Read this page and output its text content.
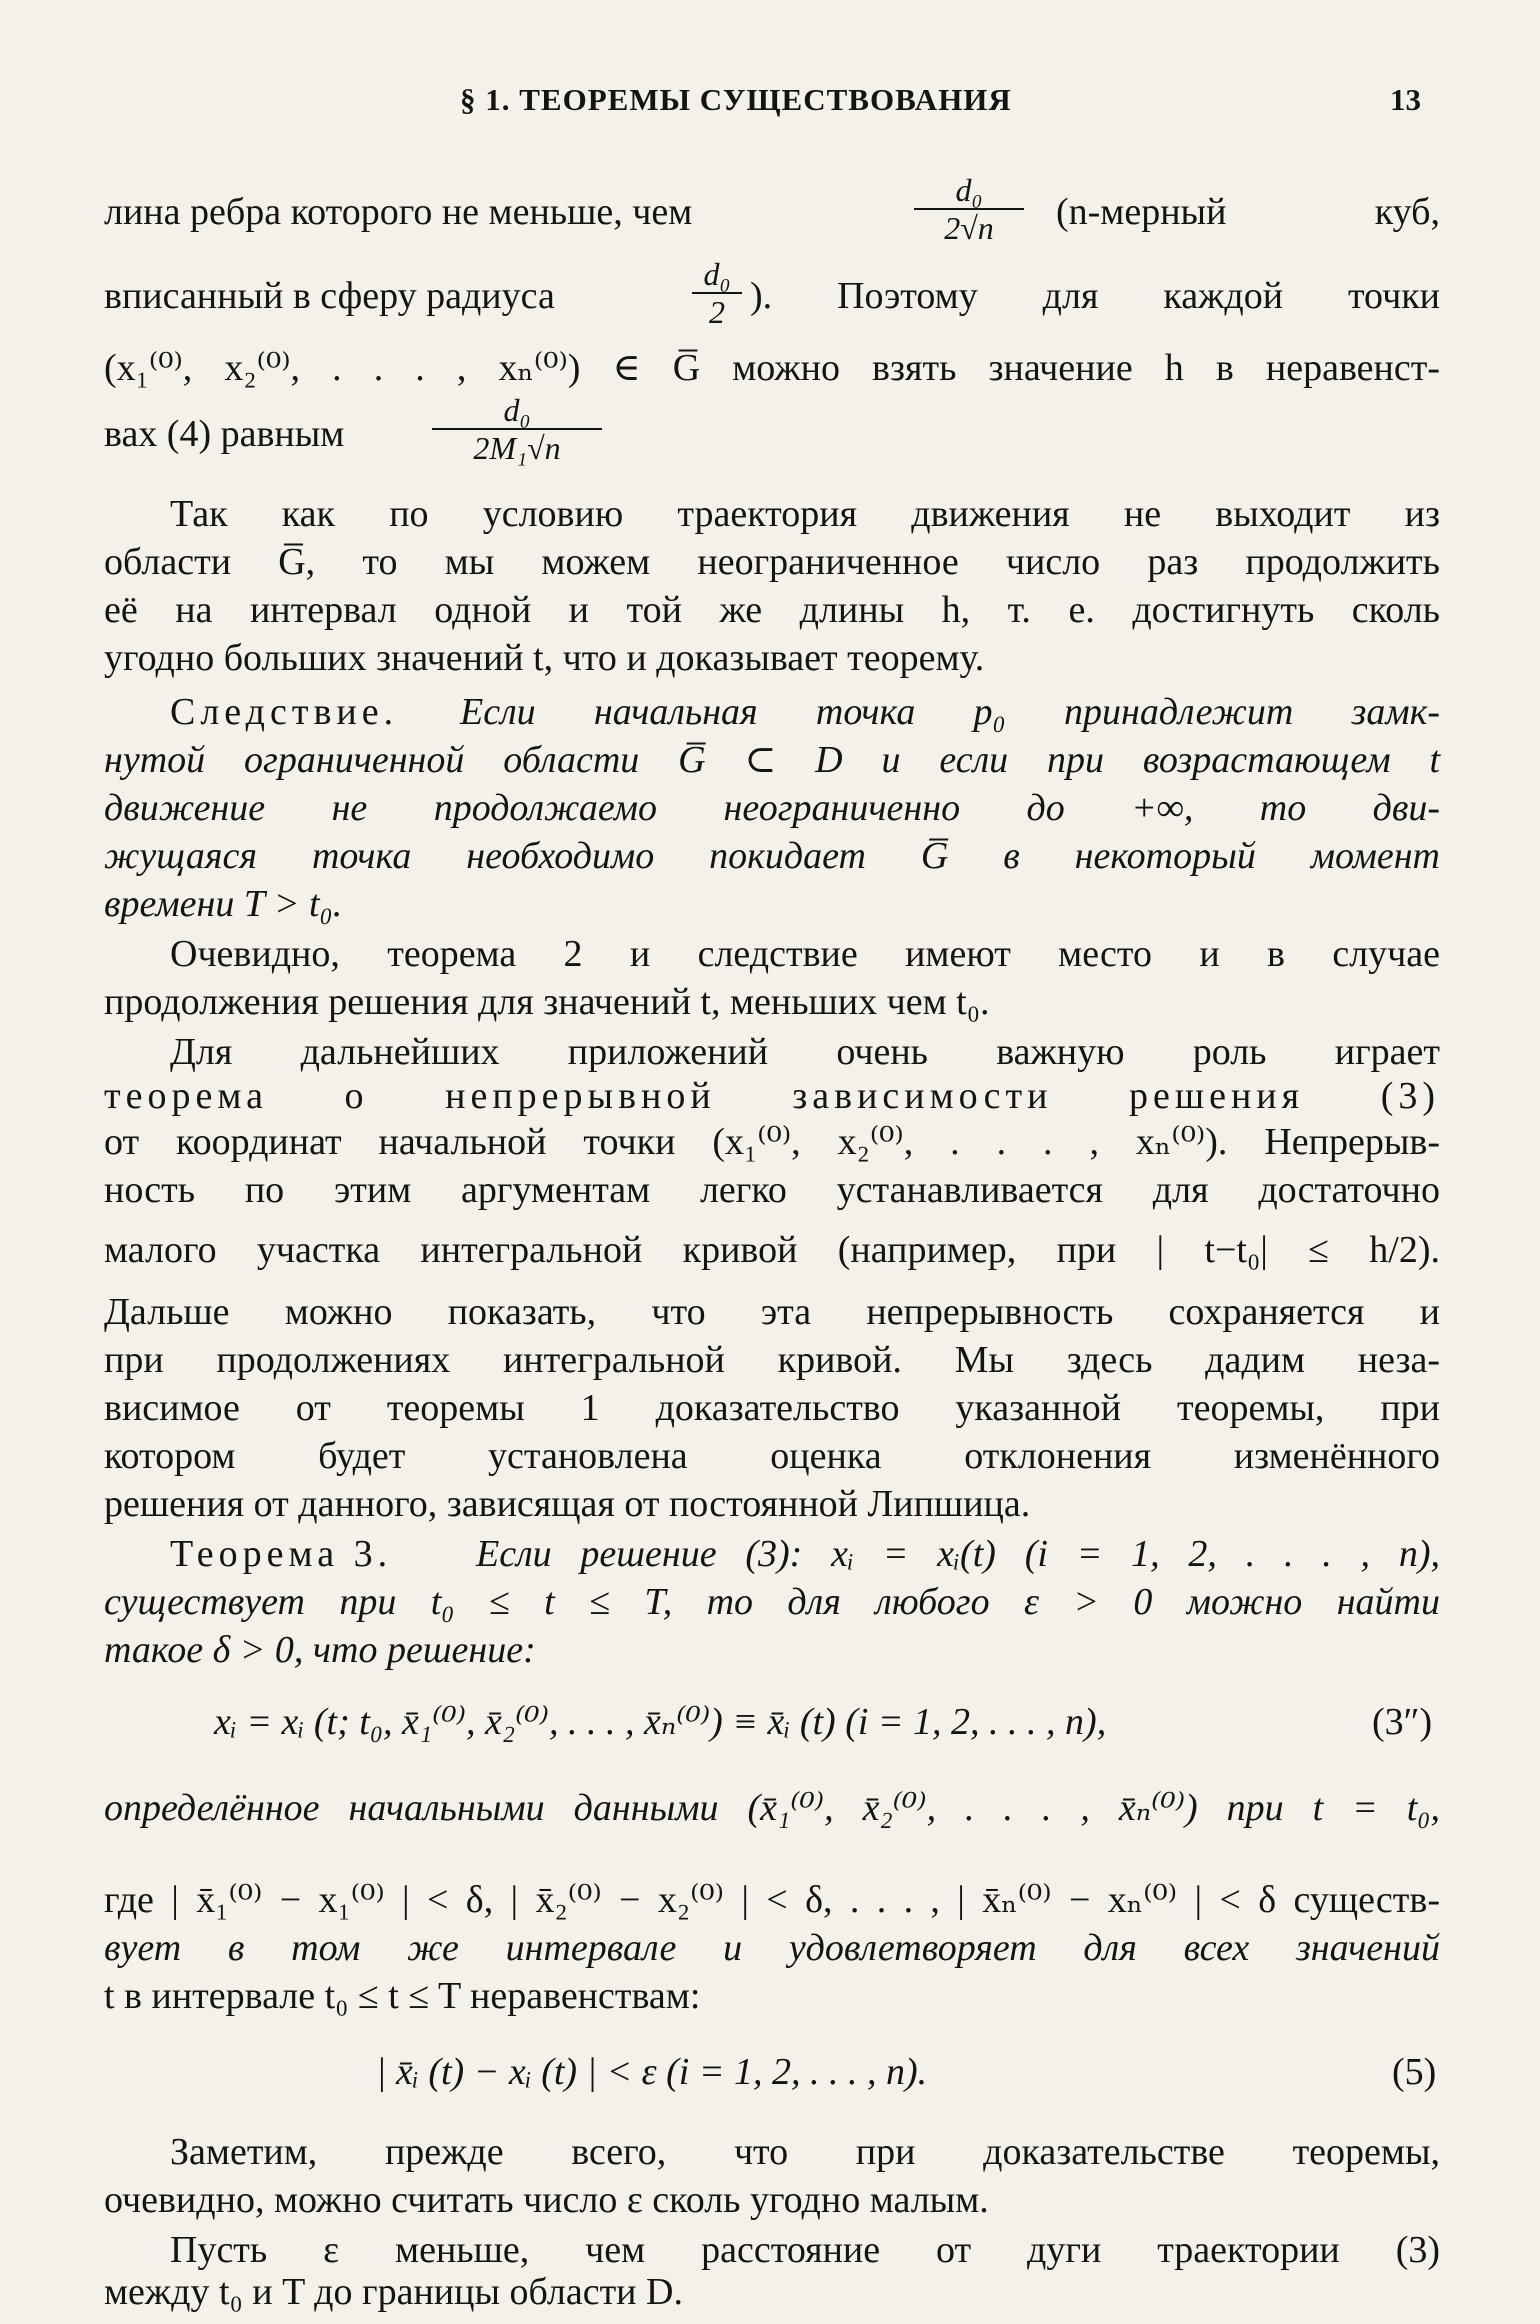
§ 1. ТЕОРЕМЫ СУЩЕСТВОВАНИЯ	13
лина ребра которого не меньше, чем	$\frac{\text{d₀}}{2√n}$ (n-мерный куб,
вписанный в сферу радиуса	$\frac{\text{d₀}}{2}$ ). Поэтому для каждой точки
(x₁⁽⁰⁾, x₂⁽⁰⁾, . . . , xₙ⁽⁰⁾) ∈ G̅ можно взять значение h в неравенст-
вах (4) равным	$\frac{\text{d₀}}{\text{2M₁√n}}$
Так как по условию траектория движения не выходит из
области G̅, то мы можем неограниченное число раз продолжить
её на интервал одной и той же длины h, т. е. достигнуть сколь
угодно больших значений t, что и доказывает теорему.
Следствие.	Если начальная точка p₀ принадлежит замк-
нутой ограниченной области G̅ ⊂ D и если при возрастающем t
движение не продолжаемо неограниченно до +∞, то дви-
жущаяся точка необходимо покидает G̅ в некоторый момент
времени T > t₀.
Очевидно, теорема 2 и следствие имеют место и в случае
продолжения решения для значений t, меньших чем t₀.
Для дальнейших приложений очень важную роль играет
теорема о непрерывной зависимости решения (3)
от координат начальной точки (x₁⁽⁰⁾, x₂⁽⁰⁾, . . . , xₙ⁽⁰⁾). Непрерыв-
ность по этим аргументам легко устанавливается для достаточно
малого участка интегральной кривой (например, при | t−t₀| ≤ h/2).
Дальше можно показать, что эта непрерывность сохраняется и
при продолжениях интегральной кривой. Мы здесь дадим неза-
висимое от теоремы 1 доказательство указанной теоремы, при
котором будет установлена оценка отклонения изменённого
решения от данного, зависящая от постоянной Липшица.
Теорема 3.	Если решение (3): xᵢ = xᵢ(t) (i = 1, 2, . . . , n),
существует при t₀ ≤ t ≤ T, то для любого ε > 0 можно найти
такое δ > 0, что решение:
xᵢ = xᵢ (t; t₀, x̄₁⁽⁰⁾, x̄₂⁽⁰⁾, . . . , x̄ₙ⁽⁰⁾) ≡ x̄ᵢ (t) (i = 1, 2, . . . , n),	(3″)
определённое начальными данными (x̄₁⁽⁰⁾, x̄₂⁽⁰⁾, . . . , x̄ₙ⁽⁰⁾) при t = t₀,
где | x̄₁⁽⁰⁾ − x₁⁽⁰⁾ | < δ, | x̄₂⁽⁰⁾ − x₂⁽⁰⁾ | < δ, . . . , | x̄ₙ⁽⁰⁾ − xₙ⁽⁰⁾ | < δ существ-
вует в том же интервале и удовлетворяет для всех значений
t в интервале t₀ ≤ t ≤ T неравенствам:
| x̄ᵢ (t) − xᵢ (t) | < ε (i = 1, 2, . . . , n).	(5)
Заметим, прежде всего, что при доказательстве теоремы,
очевидно, можно считать число ε сколь угодно малым.
Пусть ε меньше, чем расстояние от дуги траектории (3)
между t₀ и T до границы области D.
